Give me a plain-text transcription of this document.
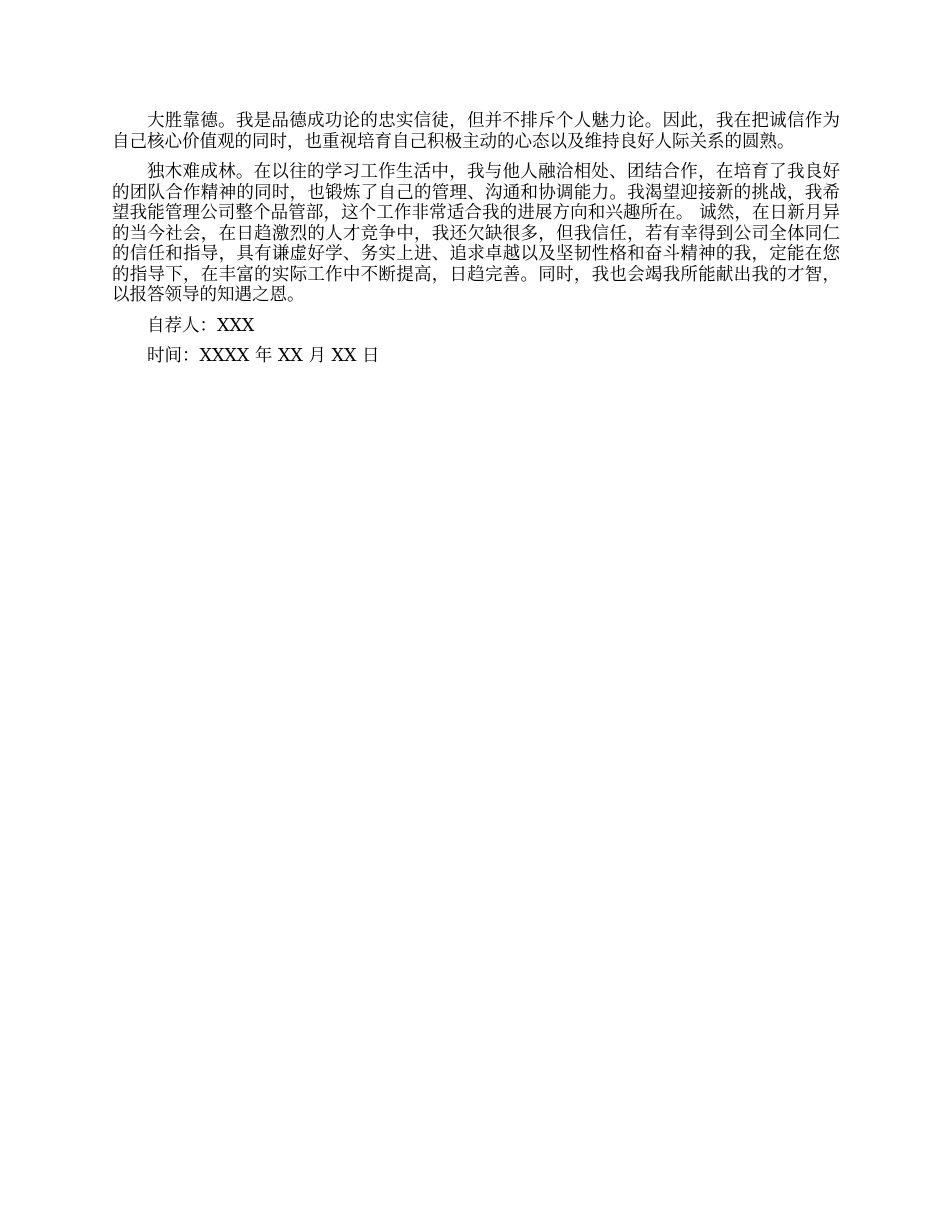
大胜靠德。我是品德成功论的忠实信徒，但并不排斥个人魅力论。因此，我在把诚信作为自己核心价值观的同时，也重视培育自己积极主动的心态以及维持良好人际关系的圆熟。

独木难成林。在以往的学习工作生活中，我与他人融洽相处、团结合作，在培育了我良好的团队合作精神的同时，也锻炼了自己的管理、沟通和协调能力。我渴望迎接新的挑战，我希望我能管理公司整个品管部，这个工作非常适合我的进展方向和兴趣所在。 诚然，在日新月异的当今社会，在日趋激烈的人才竞争中，我还欠缺很多，但我信任，若有幸得到公司全体同仁的信任和指导，具有谦虚好学、务实上进、追求卓越以及坚韧性格和奋斗精神的我，定能在您的指导下，在丰富的实际工作中不断提高，日趋完善。同时，我也会竭我所能献出我的才智，以报答领导的知遇之恩。

自荐人：XXX

时间：XXXX 年 XX 月 XX 日
